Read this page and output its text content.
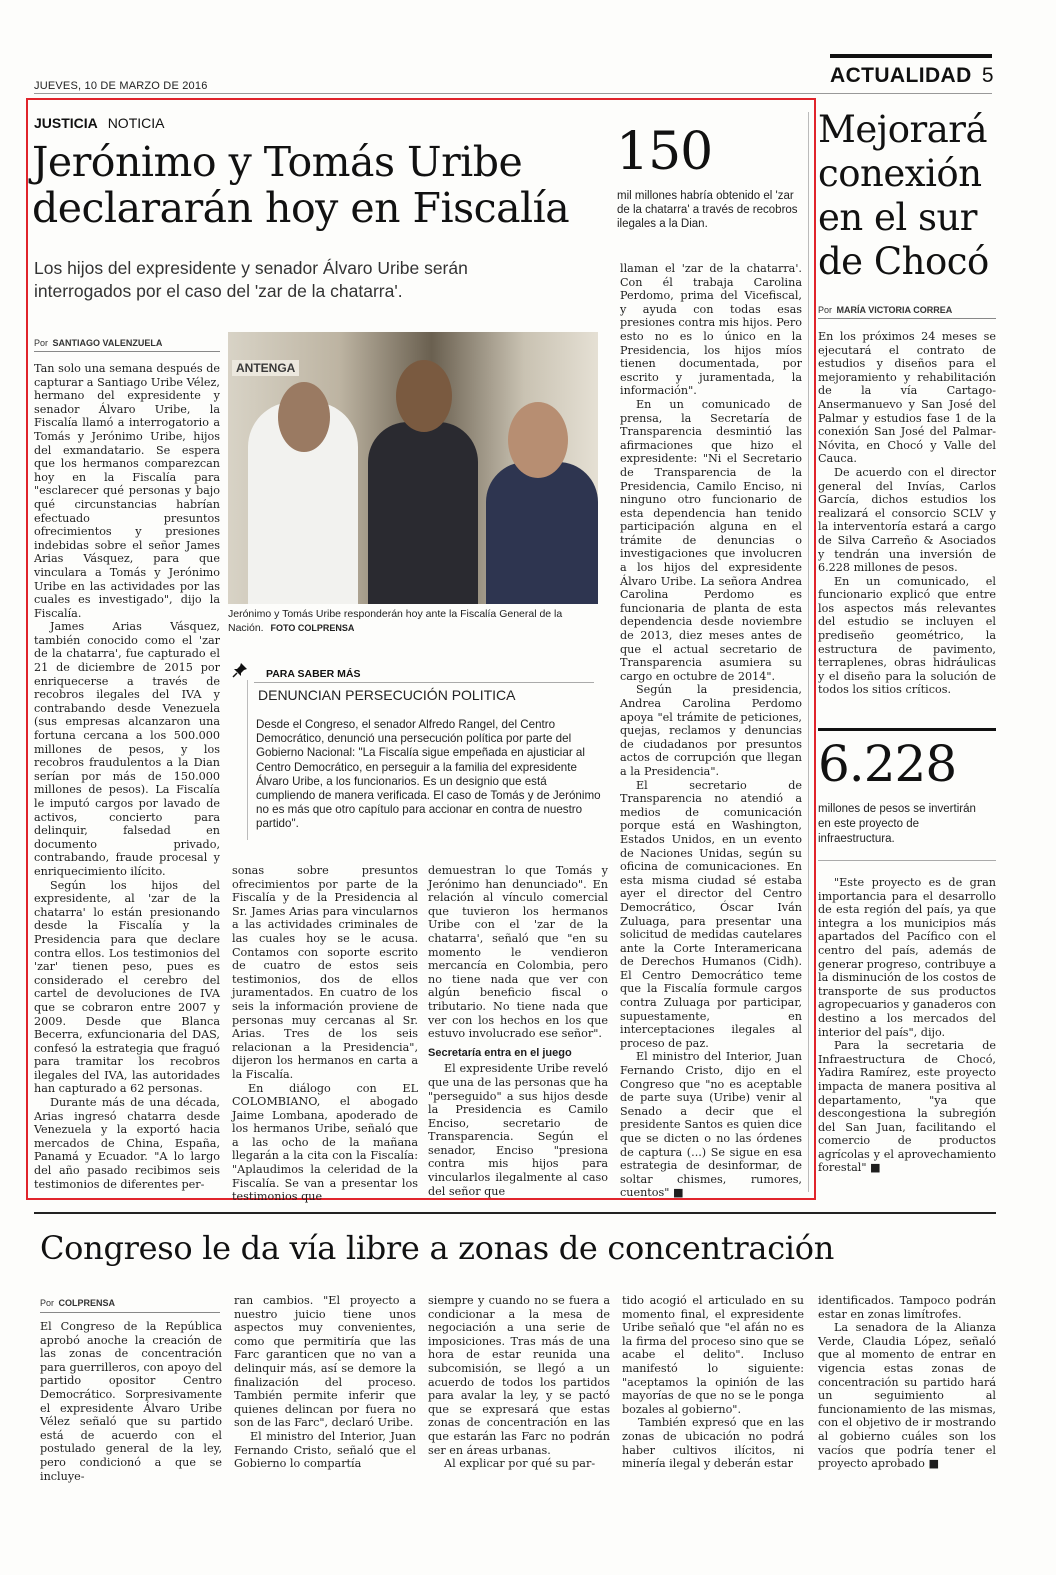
JUEVES, 10 DE MARZO DE 2016	ACTUALIDAD 5
JUSTICIA NOTICIA
Jerónimo y Tomás Uribe
declararán hoy en Fiscalía
Los hijos del expresidente y senador Álvaro Uribe serán
interrogados por el caso del 'zar de la chatarra'.
150
mil millones habría obtenido el 'zar de la chatarra' a través de recobros ilegales a la Dian.
Por SANTIAGO VALENZUELA
ANTENGA
Jerónimo y Tomás Uribe responderán hoy ante la Fiscalía General de la Nación. FOTO COLPRENSA
PARA SABER MÁS
DENUNCIAN PERSECUCIÓN POLITICA
Desde el Congreso, el senador Alfredo Rangel, del Centro Democrático, denunció una persecución política por parte del Gobierno Nacional: "La Fiscalía sigue empeñada en ajusticiar al Centro Democrático, en perseguir a la familia del expresidente Álvaro Uribe, a los funcionarios. Es un designio que está cumpliendo de manera verificada. El caso de Tomás y de Jerónimo no es más que otro capítulo para accionar en contra de nuestro partido".

Tan solo una semana después de capturar a Santiago Uribe Vélez, hermano del expresidente y senador Álvaro Uribe, la Fiscalía llamó a interrogatorio a Tomás y Jerónimo Uribe, hijos del exmandatario. Se espera que los hermanos comparezcan hoy en la Fiscalía para "esclarecer qué personas y bajo qué circunstancias habrían efectuado presuntos ofrecimientos y presiones indebidas sobre el señor James Arias Vásquez, para que vinculara a Tomás y Jerónimo Uribe en las actividades por las cuales es investigado", dijo la Fiscalía.

James Arias Vásquez, también conocido como el 'zar de la chatarra', fue capturado el 21 de diciembre de 2015 por enriquecerse a través de recobros ilegales del IVA y contrabando desde Venezuela (sus empresas alcanzaron una fortuna cercana a los 500.000 millones de pesos, y los recobros fraudulentos a la Dian serían por más de 150.000 millones de pesos). La Fiscalía le imputó cargos por lavado de activos, concierto para delinquir, falsedad en documento privado, contrabando, fraude procesal y enriquecimiento ilícito.

Según los hijos del expresidente, al 'zar de la chatarra' lo están presionando desde la Fiscalía y la Presidencia para que declare contra ellos. Los testimonios del 'zar' tienen peso, pues es considerado el cerebro del cartel de devoluciones de IVA que se cobraron entre 2007 y 2009. Desde que Blanca Becerra, exfuncionaria del DAS, confesó la estrategia que fraguó para tramitar los recobros ilegales del IVA, las autoridades han capturado a 62 personas.

Durante más de una década, Arias ingresó chatarra desde Venezuela y la exportó hacia mercados de China, España, Panamá y Ecuador. "A lo largo del año pasado recibimos seis testimonios de diferentes per-

sonas sobre presuntos ofrecimientos por parte de la Fiscalía y de la Presidencia al Sr. James Arias para vincularnos a las actividades criminales de las cuales hoy se le acusa. Contamos con soporte escrito de cuatro de estos seis testimonios, dos de ellos juramentados. En cuatro de los seis la información proviene de personas muy cercanas al Sr. Arias. Tres de los seis relacionan a la Presidencia", dijeron los hermanos en carta a la Fiscalía.

En diálogo con EL COLOMBIANO, el abogado Jaime Lombana, apoderado de los hermanos Uribe, señaló que a las ocho de la mañana llegarán a la cita con la Fiscalía: "Aplaudimos la celeridad de la Fiscalía. Se van a presentar los testimonios que

demuestran lo que Tomás y Jerónimo han denunciado". En relación al vínculo comercial que tuvieron los hermanos Uribe con el 'zar de la chatarra', señaló que "en su momento le vendieron mercancía en Colombia, pero no tiene nada que ver con algún beneficio fiscal o tributario. No tiene nada que ver con los hechos en los que estuvo involucrado ese señor".

Secretaría entra en el juego

El expresidente Uribe reveló que una de las personas que ha "perseguido" a sus hijos desde la Presidencia es Camilo Enciso, secretario de Transparencia. Según el senador, Enciso "presiona contra mis hijos para vincularlos ilegalmente al caso del señor que

llaman el 'zar de la chatarra'. Con él trabaja Carolina Perdomo, prima del Vicefiscal, y ayuda con todas esas presiones contra mis hijos. Pero esto no es lo único en la Presidencia, los hijos míos tienen documentada, por escrito y juramentada, la información".

En un comunicado de prensa, la Secretaría de Transparencia desmintió las afirmaciones que hizo el expresidente: "Ni el Secretario de Transparencia de la Presidencia, Camilo Enciso, ni ninguno otro funcionario de esta dependencia han tenido participación alguna en el trámite de denuncias o investigaciones que involucren a los hijos del expresidente Álvaro Uribe. La señora Andrea Carolina Perdomo es funcionaria de planta de esta dependencia desde noviembre de 2013, diez meses antes de que el actual secretario de Transparencia asumiera su cargo en octubre de 2014".

Según la presidencia, Andrea Carolina Perdomo apoya "el trámite de peticiones, quejas, reclamos y denuncias de ciudadanos por presuntos actos de corrupción que llegan a la Presidencia".

El secretario de Transparencia no atendió a medios de comunicación porque está en Washington, Estados Unidos, en un evento de Naciones Unidas, según su oficina de comunicaciones. En esta misma ciudad sé estaba ayer el director del Centro Democrático, Óscar Iván Zuluaga, para presentar una solicitud de medidas cautelares ante la Corte Interamericana de Derechos Humanos (Cidh). El Centro Democrático teme que la Fiscalía formule cargos contra Zuluaga por participar, supuestamente, en interceptaciones ilegales al proceso de paz.

El ministro del Interior, Juan Fernando Cristo, dijo en el Congreso que "no es aceptable de parte suya (Uribe) venir al Senado a decir que el presidente Santos es quien dice que se dicten o no las órdenes de captura (...) Se sigue en esa estrategia de desinformar, de soltar chismes, rumores, cuentos" ■

Mejorará
conexión
en el sur
de Chocó
Por MARÍA VICTORIA CORREA

En los próximos 24 meses se ejecutará el contrato de estudios y diseños para el mejoramiento y rehabilitación de la vía Cartago-Ansermanuevo y San José del Palmar y estudios fase 1 de la conexión San José del Palmar-Nóvita, en Chocó y Valle del Cauca.

De acuerdo con el director general del Invías, Carlos García, dichos estudios los realizará el consorcio SCLV y la interventoría estará a cargo de Silva Carreño & Asociados y tendrán una inversión de 6.228 millones de pesos.

En un comunicado, el funcionario explicó que entre los aspectos más relevantes del estudio se incluyen el prediseño geométrico, la estructura de pavimento, terraplenes, obras hidráulicas y el diseño para la solución de todos los sitios críticos.

6.228
millones de pesos se invertirán en este proyecto de infraestructura.

"Este proyecto es de gran importancia para el desarrollo de esta región del país, ya que integra a los municipios más apartados del Pacífico con el centro del país, además de generar progreso, contribuye a la disminución de los costos de transporte de sus productos agropecuarios y ganaderos con destino a los mercados del interior del país", dijo.

Para la secretaria de Infraestructura de Chocó, Yadira Ramírez, este proyecto impacta de manera positiva al departamento, "ya que descongestiona la subregión del San Juan, facilitando el comercio de productos agrícolas y el aprovechamiento forestal" ■

Congreso le da vía libre a zonas de concentración
Por COLPRENSA

El Congreso de la República aprobó anoche la creación de las zonas de concentración para guerrilleros, con apoyo del partido opositor Centro Democrático. Sorpresivamente el expresidente Álvaro Uribe Vélez señaló que su partido está de acuerdo con el postulado general de la ley, pero condicionó a que se incluye-

ran cambios. "El proyecto a nuestro juicio tiene unos aspectos muy convenientes, como que permitiría que las Farc garanticen que no van a delinquir más, así se demore la finalización del proceso. También permite inferir que quienes delincan por fuera no son de las Farc", declaró Uribe.

El ministro del Interior, Juan Fernando Cristo, señaló que el Gobierno lo compartía

siempre y cuando no se fuera a condicionar a la mesa de negociación a una serie de imposiciones. Tras más de una hora de estar reunida una subcomisión, se llegó a un acuerdo de todos los partidos para avalar la ley, y se pactó que se expresará que estas zonas de concentración en las que estarán las Farc no podrán ser en áreas urbanas.

Al explicar por qué su par-

tido acogió el articulado en su momento final, el expresidente Uribe señaló que "el afán no es la firma del proceso sino que se acabe el delito". Incluso manifestó lo siguiente: "aceptamos la opinión de las mayorías de que no se le ponga bozales al gobierno".

También expresó que en las zonas de ubicación no podrá haber cultivos ilícitos, ni minería ilegal y deberán estar

identificados. Tampoco podrán estar en zonas limítrofes.

La senadora de la Alianza Verde, Claudia López, señaló que al momento de entrar en vigencia estas zonas de concentración su partido hará un seguimiento al funcionamiento de las mismas, con el objetivo de ir mostrando al gobierno cuáles son los vacíos que podría tener el proyecto aprobado ■
